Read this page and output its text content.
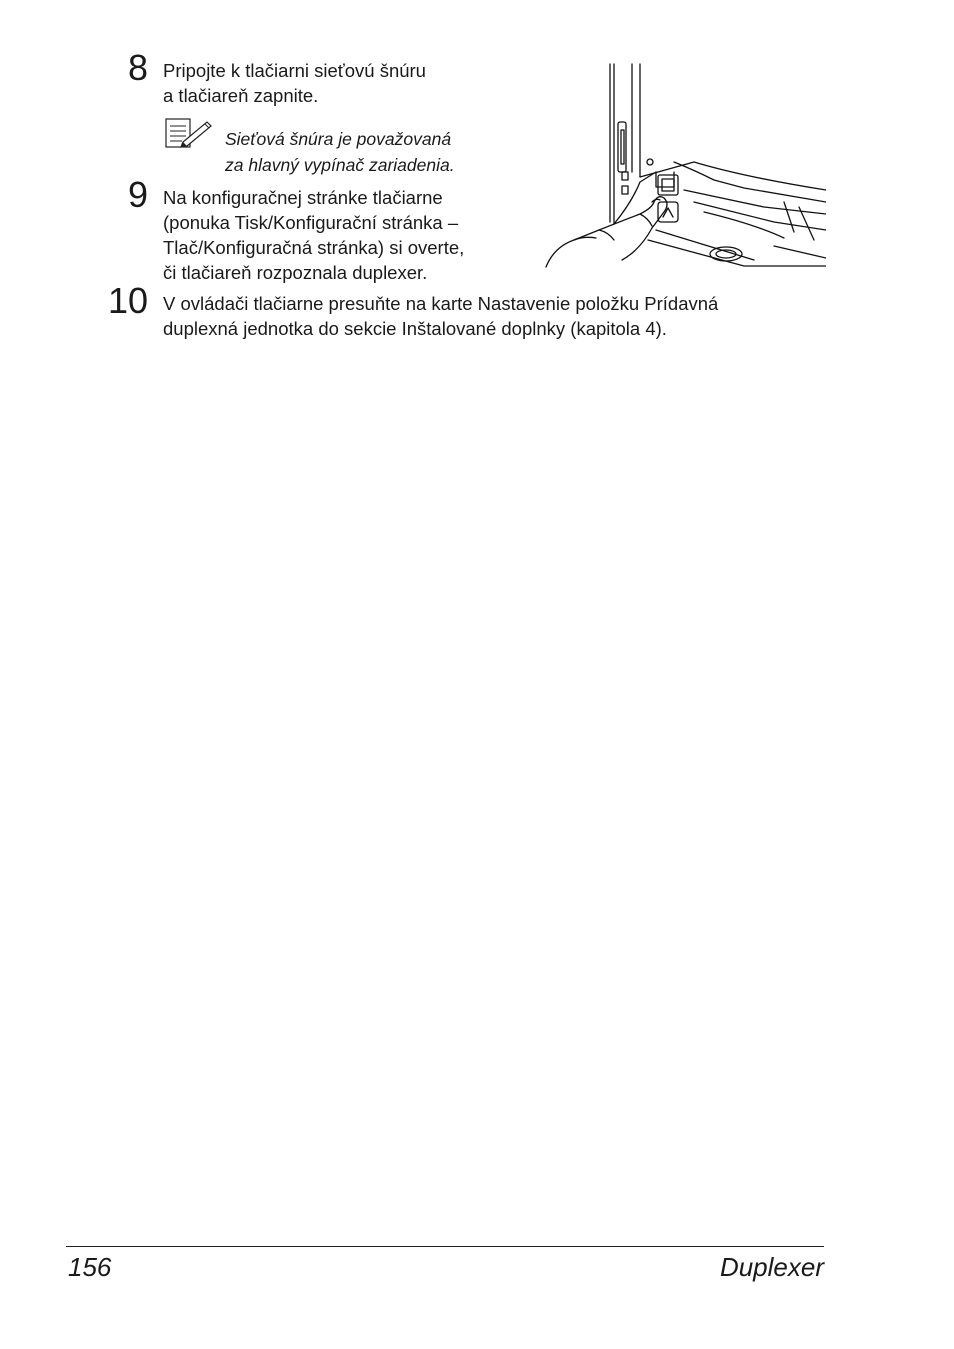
8 Pripojte k tlačiarni sieťovú šnúru
a tlačiareň zapnite.

Sieťová šnúra je považovaná
za hlavný vypínač zariadenia.

9 Na konfiguračnej stránke tlačiarne
(ponuka Tisk/Konfigurační stránka –
Tlač/Konfiguračná stránka) si overte,
či tlačiareň rozpoznala duplexer.

10 V ovládači tlačiarne presuňte na karte Nastavenie položku Prídavná
duplexná jednotka do sekcie Inštalované doplnky (kapitola 4).

156	Duplexer
